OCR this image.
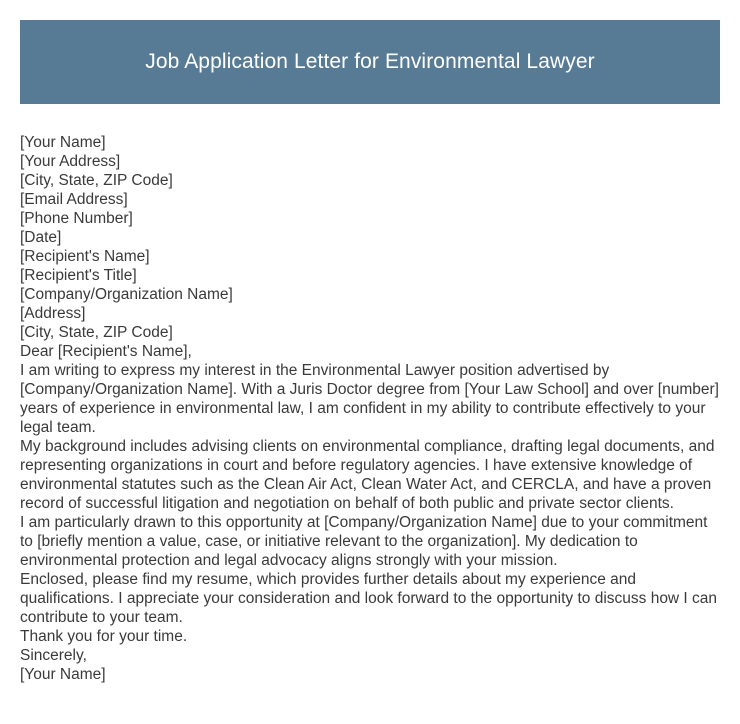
Job Application Letter for Environmental Lawyer
[Your Name]
[Your Address]
[City, State, ZIP Code]
[Email Address]
[Phone Number]
[Date]
[Recipient's Name]
[Recipient's Title]
[Company/Organization Name]
[Address]
[City, State, ZIP Code]
Dear [Recipient's Name],
I am writing to express my interest in the Environmental Lawyer position advertised by [Company/Organization Name]. With a Juris Doctor degree from [Your Law School] and over [number] years of experience in environmental law, I am confident in my ability to contribute effectively to your legal team.
My background includes advising clients on environmental compliance, drafting legal documents, and representing organizations in court and before regulatory agencies. I have extensive knowledge of environmental statutes such as the Clean Air Act, Clean Water Act, and CERCLA, and have a proven record of successful litigation and negotiation on behalf of both public and private sector clients.
I am particularly drawn to this opportunity at [Company/Organization Name] due to your commitment to [briefly mention a value, case, or initiative relevant to the organization]. My dedication to environmental protection and legal advocacy aligns strongly with your mission.
Enclosed, please find my resume, which provides further details about my experience and qualifications. I appreciate your consideration and look forward to the opportunity to discuss how I can contribute to your team.
Thank you for your time.
Sincerely,
[Your Name]
